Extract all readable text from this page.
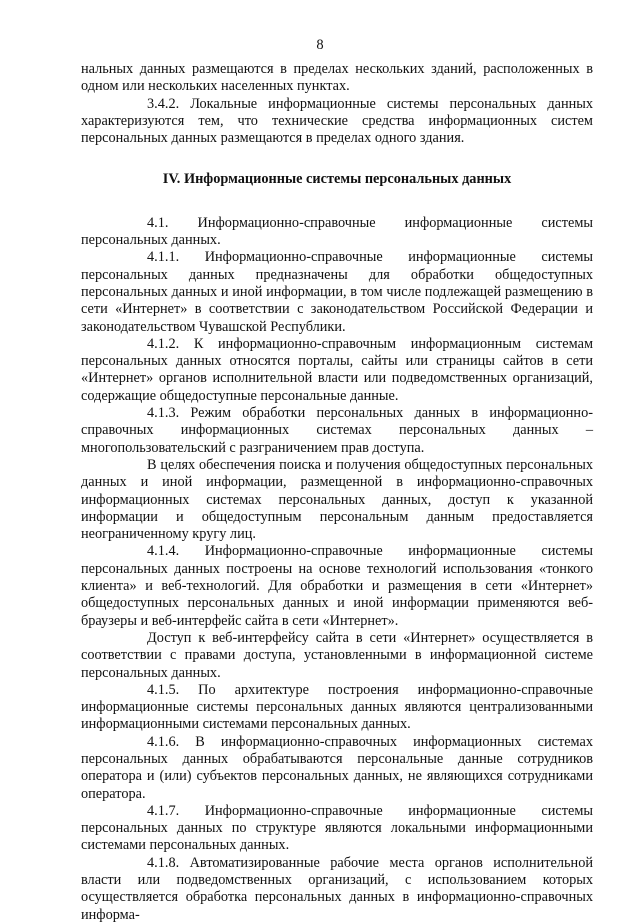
8

нальных данных размещаются в пределах нескольких зданий, расположенных в одном или нескольких населенных пунктах.

3.4.2. Локальные информационные системы персональных данных характеризуются тем, что технические средства информационных систем персональных данных размещаются в пределах одного здания.

IV. Информационные системы персональных данных

4.1. Информационно-справочные информационные системы персональных данных.

4.1.1. Информационно-справочные информационные системы персональных данных предназначены для обработки общедоступных персональных данных и иной информации, в том числе подлежащей размещению в сети «Интернет» в соответствии с законодательством Российской Федерации и законодательством Чувашской Республики.

4.1.2. К информационно-справочным информационным системам персональных данных относятся порталы, сайты или страницы сайтов в сети «Интернет» органов исполнительной власти или подведомственных организаций, содержащие общедоступные персональные данные.

4.1.3. Режим обработки персональных данных в информационно-справочных информационных системах персональных данных – многопользовательский с разграничением прав доступа.

В целях обеспечения поиска и получения общедоступных персональных данных и иной информации, размещенной в информационно-справочных информационных системах персональных данных, доступ к указанной информации и общедоступным персональным данным предоставляется неограниченному кругу лиц.

4.1.4. Информационно-справочные информационные системы персональных данных построены на основе технологий использования «тонкого клиента» и веб-технологий. Для обработки и размещения в сети «Интернет» общедоступных персональных данных и иной информации применяются веб-браузеры и веб-интерфейс сайта в сети «Интернет».

Доступ к веб-интерфейсу сайта в сети «Интернет» осуществляется в соответствии с правами доступа, установленными в информационной системе персональных данных.

4.1.5. По архитектуре построения информационно-справочные информационные системы персональных данных являются централизованными информационными системами персональных данных.

4.1.6. В информационно-справочных информационных системах персональных данных обрабатываются персональные данные сотрудников оператора и (или) субъектов персональных данных, не являющихся сотрудниками оператора.

4.1.7. Информационно-справочные информационные системы персональных данных по структуре являются локальными информационными системами персональных данных.

4.1.8. Автоматизированные рабочие места органов исполнительной власти или подведомственных организаций, с использованием которых осуществляется обработка персональных данных в информационно-справочных информа-
